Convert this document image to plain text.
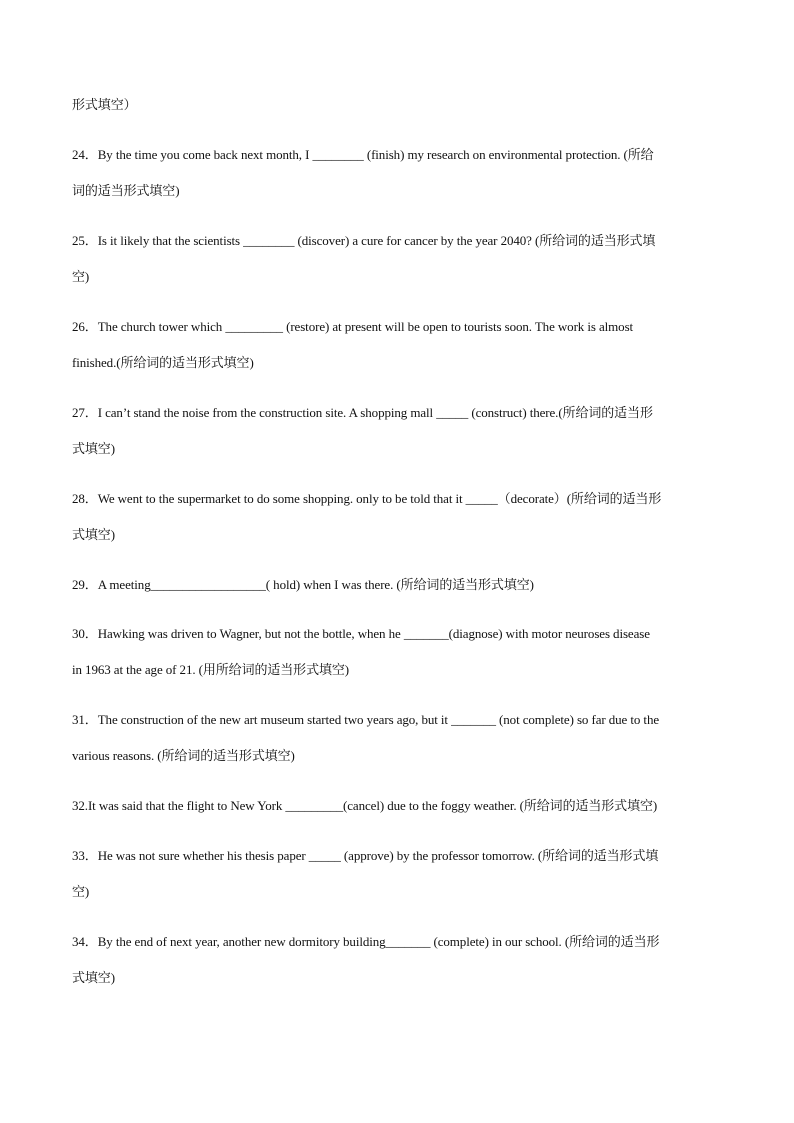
形式填空）
24．By the time you come back next month, I ________ (finish) my research on environmental protection. (所给
词的适当形式填空)
25．Is it likely that the scientists ________ (discover) a cure for cancer by the year 2040? (所给词的适当形式填
空)
26．The church tower which _________ (restore) at present will be open to tourists soon. The work is almost
finished.(所给词的适当形式填空)
27．I can’t stand the noise from the construction site. A shopping mall _____ (construct) there.(所给词的适当形
式填空)
28．We went to the supermarket to do some shopping. only to be told that it _____（decorate）(所给词的适当形
式填空)
29．A meeting__________________( hold) when I was there. (所给词的适当形式填空)
30．Hawking was driven to Wagner, but not the bottle, when he _______(diagnose) with motor neuroses disease
in 1963 at the age of 21. (用所给词的适当形式填空)
31．The construction of the new art museum started two years ago, but it _______ (not complete) so far due to the
various reasons. (所给词的适当形式填空)
32.It was said that the flight to New York _________(cancel) due to the foggy weather. (所给词的适当形式填空)
33．He was not sure whether his thesis paper _____ (approve) by the professor tomorrow. (所给词的适当形式填
空)
34．By the end of next year, another new dormitory building_______ (complete) in our school. (所给词的适当形
式填空)
